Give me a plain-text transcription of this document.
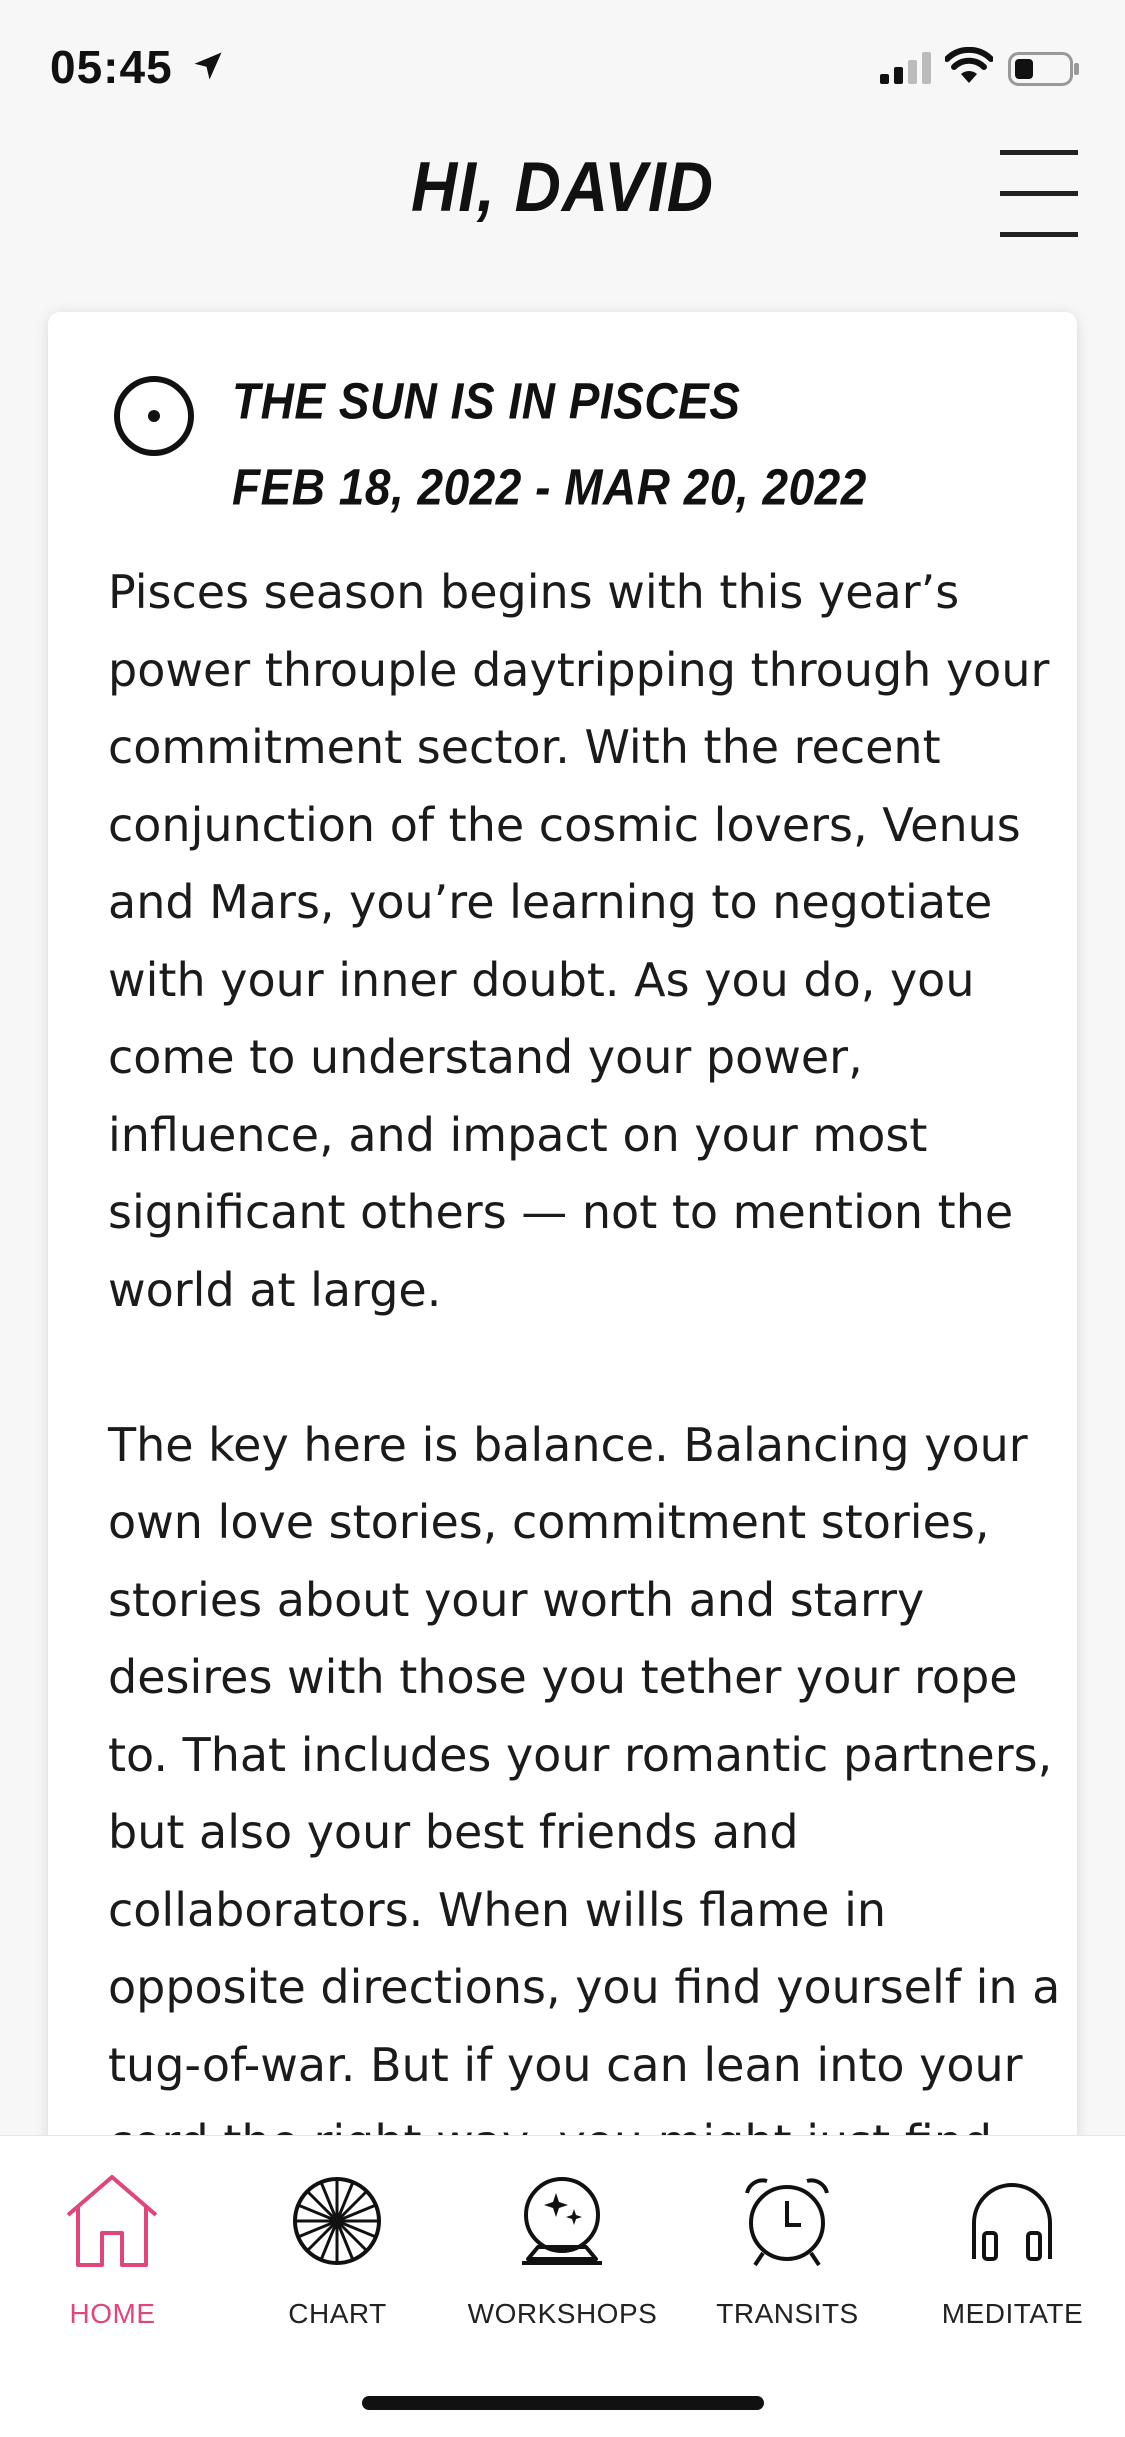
05:45
HI, DAVID
THE SUN IS IN PISCES
FEB 18, 2022 - MAR 20, 2022

Pisces season begins with this year’s power throuple daytripping through your commitment sector. With the recent conjunction of the cosmic lovers, Venus and Mars, you’re learning to negotiate with your inner doubt. As you do, you come to understand your power, influence, and impact on your most significant others — not to mention the world at large.

The key here is balance. Balancing your own love stories, commitment stories, stories about your worth and starry desires with those you tether your rope to. That includes your romantic partners, but also your best friends and collaborators. When wills flame in opposite directions, you find yourself in a tug-of-war. But if you can lean into your

HOME	CHART	WORKSHOPS	TRANSITS	MEDITATE
